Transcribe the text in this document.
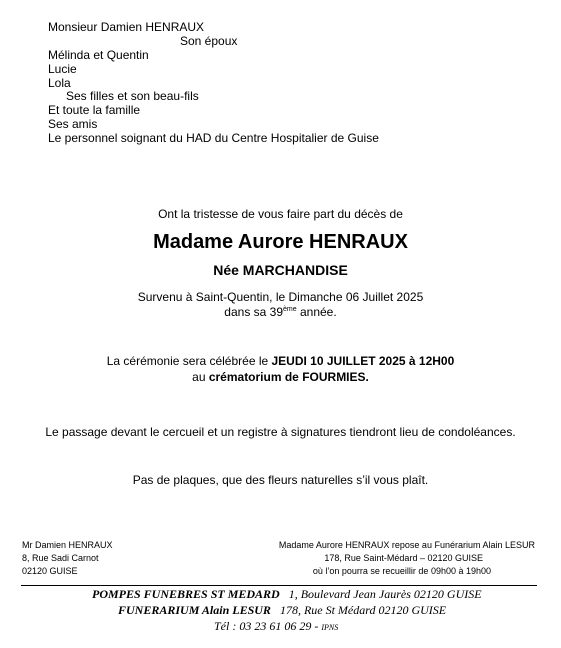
Monsieur Damien HENRAUX
Son époux
Mélinda et Quentin
Lucie
Lola
Ses filles et son beau-fils
Et toute la famille
Ses amis
Le personnel soignant du HAD du Centre Hospitalier de Guise
Ont la tristesse de vous faire part du décès de
Madame Aurore HENRAUX
Née MARCHANDISE
Survenu à Saint-Quentin, le Dimanche 06 Juillet 2025
dans sa 39ème année.
La cérémonie sera célébrée le JEUDI 10 JUILLET 2025 à 12H00
au crématorium de FOURMIES.
Le passage devant le cercueil et un registre à signatures tiendront lieu de condoléances.
Pas de plaques, que des fleurs naturelles s’il vous plaît.
Mr Damien HENRAUX
8, Rue Sadi Carnot
02120 GUISE
Madame Aurore HENRAUX repose au Funérarium Alain LESUR
178, Rue Saint-Médard – 02120 GUISE
où l’on pourra se recueillir de 09h00 à 19h00
POMPES FUNEBRES ST MEDARD 1, Boulevard Jean Jaurès 02120 GUISE
FUNERARIUM Alain LESUR 178, Rue St Médard 02120 GUISE
Tél : 03 23 61 06 29 - IPNS
